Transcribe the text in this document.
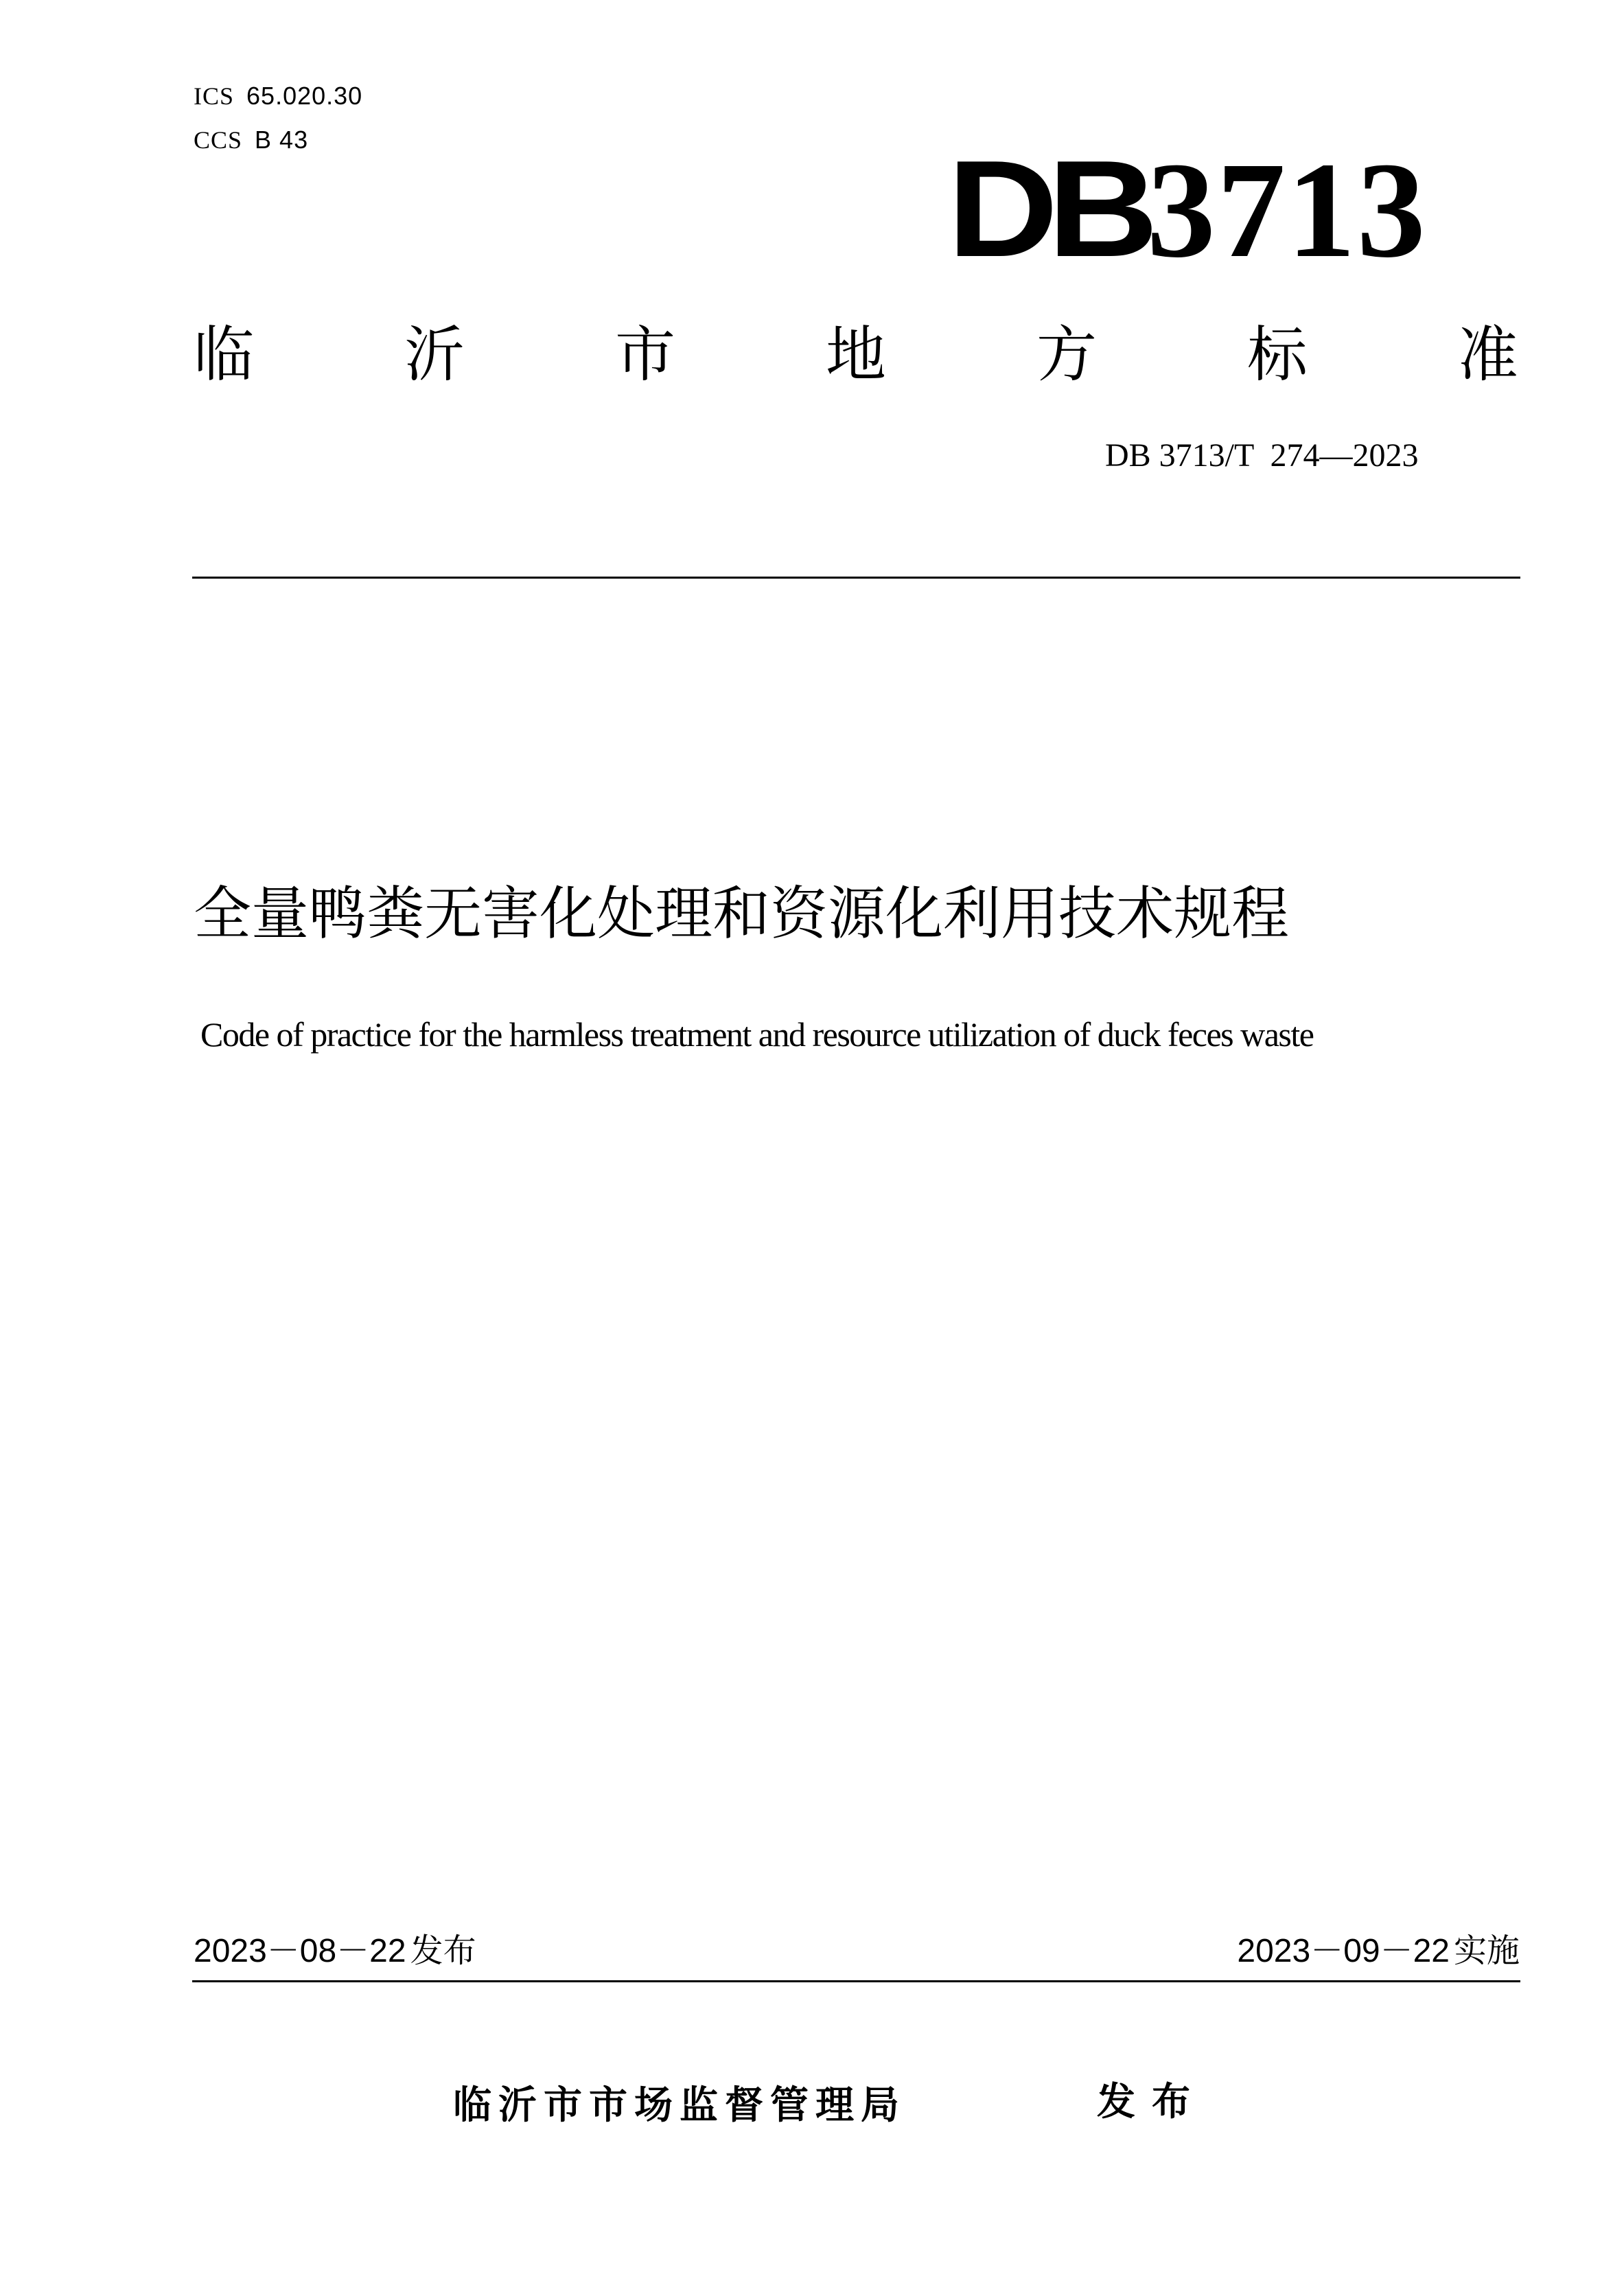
ICS 65.020.30
CCS B 43	DB3713
临 沂 市 地 方 标 准
DB 3713/T  274—2023
全量鸭粪无害化处理和资源化利用技术规程
Code of practice for the harmless treatment and resource utilization of duck feces waste
2023－08－22 发布	2023－09－22 实施
临沂市市场监督管理局	发布
